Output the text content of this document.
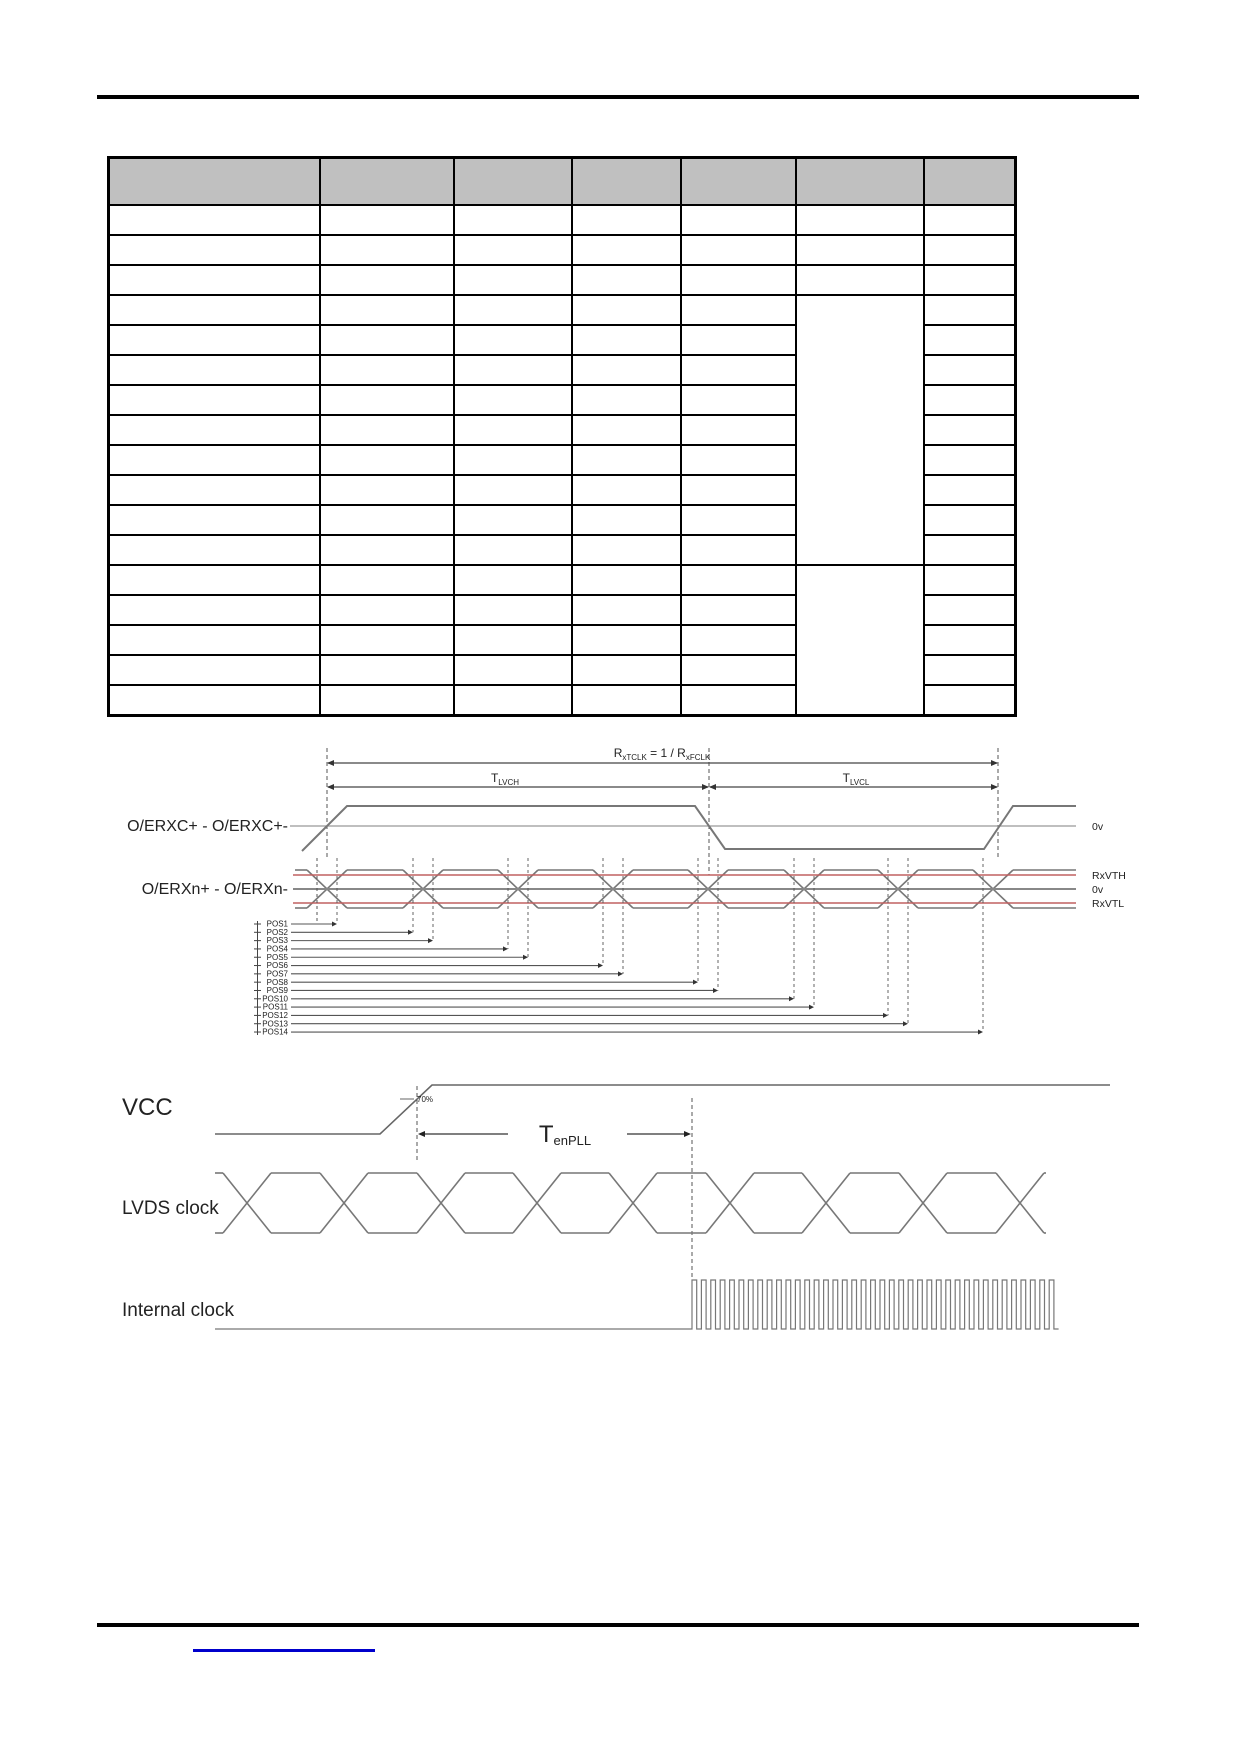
$R_{xTCLK} = 1 / R_{xFCLK}$
$T_{LVCH}$	$T_{LVCL}$
O/ERXC+ - O/ERXC+-	0v
O/ERXn+ - O/ERXn-
RxVTH
0v
RxVTL
POS1
POS2
POS3
POS4
POS5
POS6
POS7
POS8
POS9
POS10
POS11
POS12
POS13
POS14
VCC	70%
TenPLL
LVDS clock
Internal clock
